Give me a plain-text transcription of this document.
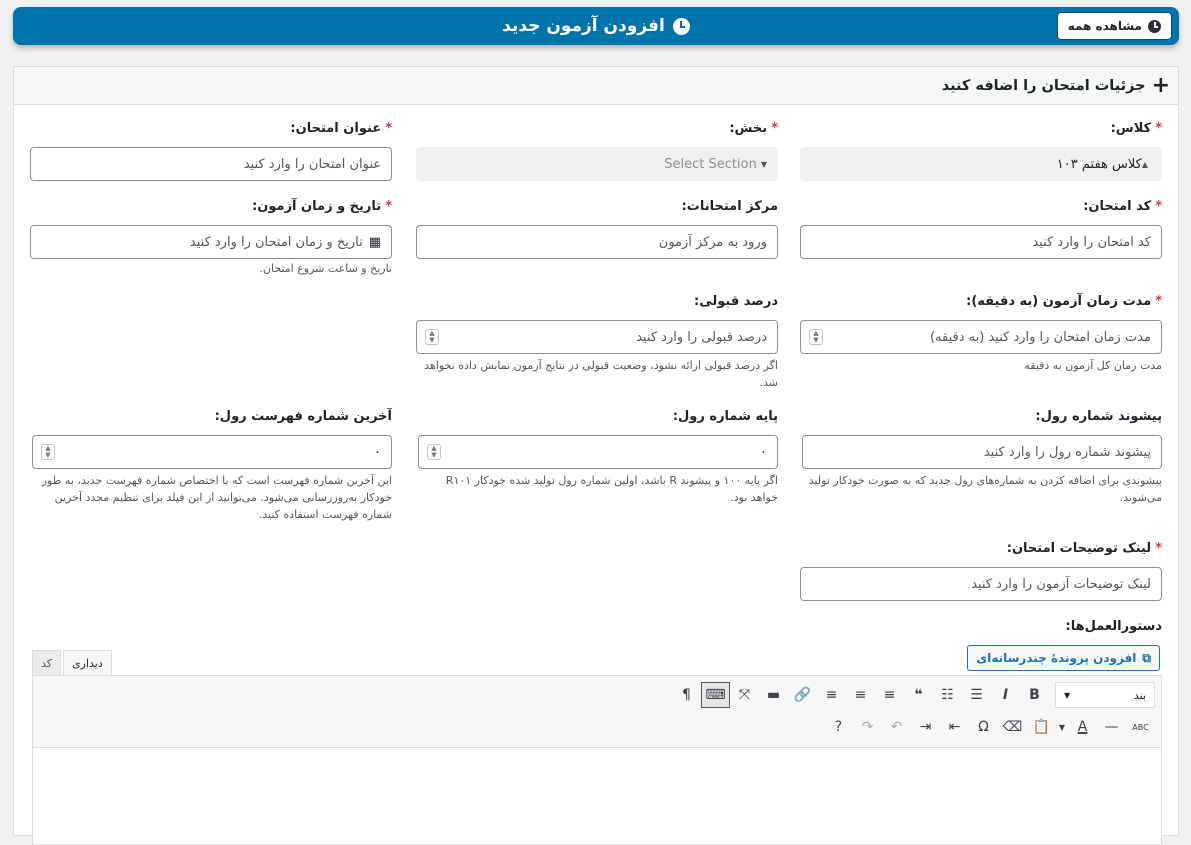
افزودن آزمون جدید	مشاهده همه
+
جزئیات امتحان را اضافه کنید
*کلاس:
▲
کلاس هفتم ۱۰۳
*بخش:
Select Section ▼
*عنوان امتحان:
عنوان امتحان را وارد کنید
*کد امتحان:
کد امتحان را وارد کنید
مرکز امتحانات:
ورود به مرکز آزمون
*تاریخ و زمان آزمون:
▦
تاریخ و زمان امتحان را وارد کنید
تاریخ و ساعت شروع امتحان.
*مدت زمان آزمون (به دقیقه):
مدت زمان امتحان را وارد کنید (به دقیقه)
▲
▼
مدت زمان کل آزمون به دقیقه
درصد قبولی:
درصد قبولی را وارد کنید
▲
▼
اگر درصد قبولی ارائه نشود، وضعیت قبولی در نتایج آزمون نمایش داده نخواهد شد.
پیشوند شماره رول:
پیشوند شماره رول را وارد کنید
پیشوندی برای اضافه کردن به شماره‌های رول جدید که به صورت خودکار تولید می‌شوند.
پایه شماره رول:
۰
▲
▼
اگر پایه ۱۰۰ و پیشوند R باشد، اولین شماره رول تولید شده خودکار R۱۰۱ خواهد بود.
آخرین شماره فهرست رول:
۰
▲
▼
این آخرین شماره فهرست است که با اختصاص شماره فهرست جدید، به طور خودکار به‌روزرسانی می‌شود. می‌توانید از این فیلد برای تنظیم مجدد آخرین شماره فهرست استفاده کنید.
*لینک توضیحات امتحان:
لینک توضیحات آزمون را وارد کنید
دستورالعمل‌ها:
⧉
افزودن پروندهٔ چندرسانه‌ای
کد	دیداری
بند
▼
B
I
☰
☷
❝
≡
≡
≡
🔗
▬
⤧
⌨
¶
ABC
—
A
▼
📋
⌫
Ω
⇤
⇥
↶
↷
?
